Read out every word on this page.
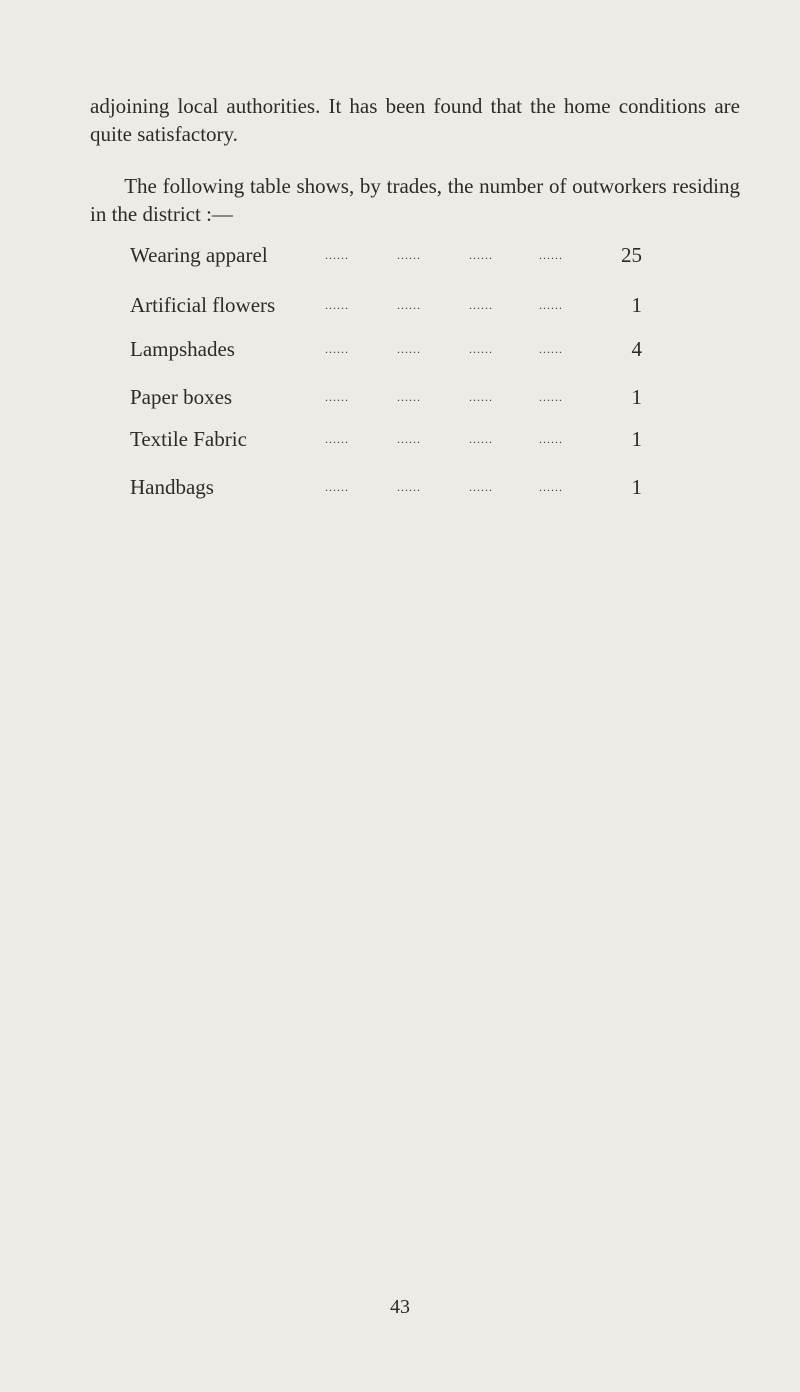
adjoining local authorities. It has been found that the home conditions are quite satisfactory.

The following table shows, by trades, the number of outworkers residing in the district :—

Wearing apparel	......	......	......	......	25
Artificial flowers	......	......	......	......	1
Lampshades	......	......	......	......	4
Paper boxes	......	......	......	......	1
Textile Fabric	......	......	......	......	1
Handbags	......	......	......	......	1
43
